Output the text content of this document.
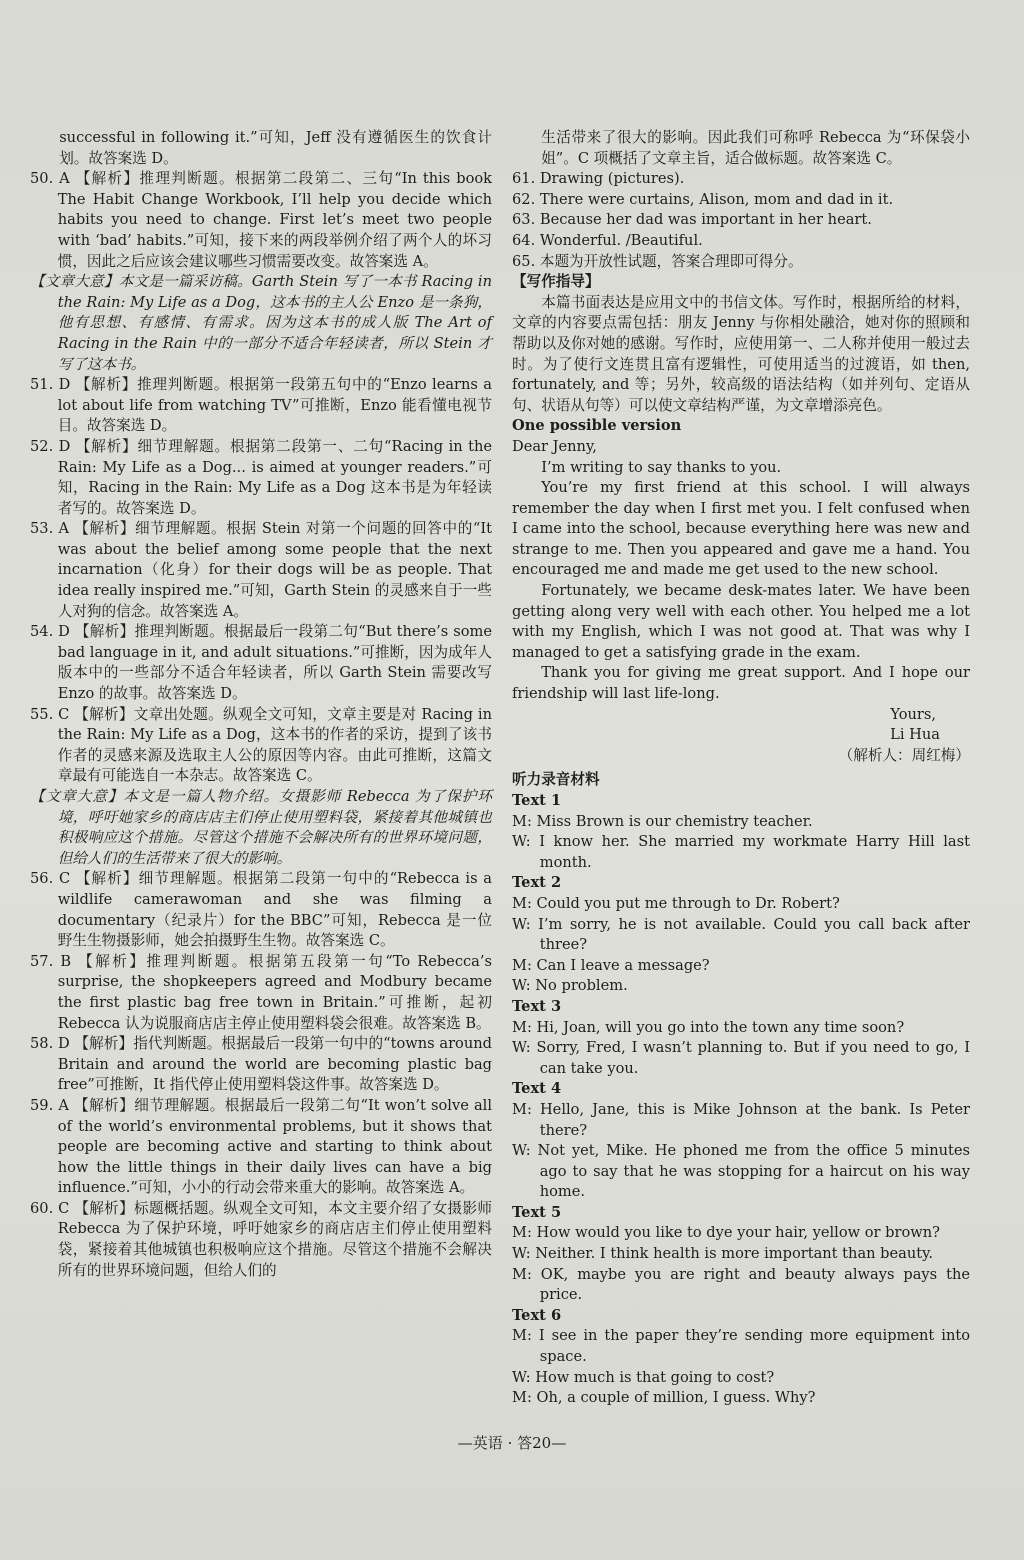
successful in following it.”可知，Jeff 没有遵循医生的饮食计划。故答案选 D。
50. A 【解析】推理判断题。根据第二段第二、三句“In this book The Habit Change Workbook, I’ll help you decide which habits you need to change. First let’s meet two people with ‘bad’ habits.”可知，接下来的两段举例介绍了两个人的坏习惯，因此之后应该会建议哪些习惯需要改变。故答案选 A。
【文章大意】本文是一篇采访稿。Garth Stein 写了一本书 Racing in the Rain: My Life as a Dog，这本书的主人公 Enzo 是一条狗，他有思想、有感情、有需求。因为这本书的成人版 The Art of Racing in the Rain 中的一部分不适合年轻读者，所以 Stein 才写了这本书。
51. D 【解析】推理判断题。根据第一段第五句中的“Enzo learns a lot about life from watching TV”可推断，Enzo 能看懂电视节目。故答案选 D。
52. D 【解析】细节理解题。根据第二段第一、二句“Racing in the Rain: My Life as a Dog... is aimed at younger readers.”可知，Racing in the Rain: My Life as a Dog 这本书是为年轻读者写的。故答案选 D。
53. A 【解析】细节理解题。根据 Stein 对第一个问题的回答中的“It was about the belief among some people that the next incarnation（化身）for their dogs will be as people. That idea really inspired me.”可知，Garth Stein 的灵感来自于一些人对狗的信念。故答案选 A。
54. D 【解析】推理判断题。根据最后一段第二句“But there’s some bad language in it, and adult situations.”可推断，因为成年人版本中的一些部分不适合年轻读者，所以 Garth Stein 需要改写 Enzo 的故事。故答案选 D。
55. C 【解析】文章出处题。纵观全文可知，文章主要是对 Racing in the Rain: My Life as a Dog，这本书的作者的采访，提到了该书作者的灵感来源及选取主人公的原因等内容。由此可推断，这篇文章最有可能选自一本杂志。故答案选 C。
【文章大意】本文是一篇人物介绍。女摄影师 Rebecca 为了保护环境，呼吁她家乡的商店店主们停止使用塑料袋，紧接着其他城镇也积极响应这个措施。尽管这个措施不会解决所有的世界环境问题，但给人们的生活带来了很大的影响。
56. C 【解析】细节理解题。根据第二段第一句中的“Rebecca is a wildlife camerawoman and she was filming a documentary（纪录片）for the BBC”可知，Rebecca 是一位野生生物摄影师，她会拍摄野生生物。故答案选 C。
57. B 【解析】推理判断题。根据第五段第一句“To Rebecca’s surprise, the shopkeepers agreed and Modbury became the first plastic bag free town in Britain.”可推断，起初 Rebecca 认为说服商店店主停止使用塑料袋会很难。故答案选 B。
58. D 【解析】指代判断题。根据最后一段第一句中的“towns around Britain and around the world are becoming plastic bag free”可推断，It 指代停止使用塑料袋这件事。故答案选 D。
59. A 【解析】细节理解题。根据最后一段第二句“It won’t solve all of the world’s environmental problems, but it shows that people are becoming active and starting to think about how the little things in their daily lives can have a big influence.”可知，小小的行动会带来重大的影响。故答案选 A。
60. C 【解析】标题概括题。纵观全文可知，本文主要介绍了女摄影师 Rebecca 为了保护环境，呼吁她家乡的商店店主们停止使用塑料袋，紧接着其他城镇也积极响应这个措施。尽管这个措施不会解决所有的世界环境问题，但给人们的
生活带来了很大的影响。因此我们可称呼 Rebecca 为“环保袋小姐”。C 项概括了文章主旨，适合做标题。故答案选 C。
61. Drawing (pictures).
62. There were curtains, Alison, mom and dad in it.
63. Because her dad was important in her heart.
64. Wonderful. /Beautiful.
65. 本题为开放性试题，答案合理即可得分。
【写作指导】
本篇书面表达是应用文中的书信文体。写作时，根据所给的材料，文章的内容要点需包括：朋友 Jenny 与你相处融洽，她对你的照顾和帮助以及你对她的感谢。写作时，应使用第一、二人称并使用一般过去时。为了使行文连贯且富有逻辑性，可使用适当的过渡语，如 then, fortunately, and 等；另外，较高级的语法结构（如并列句、定语从句、状语从句等）可以使文章结构严谨，为文章增添亮色。
One possible version
Dear Jenny,

I’m writing to say thanks to you.

You’re my first friend at this school. I will always remember the day when I first met you. I felt confused when I came into the school, because everything here was new and strange to me. Then you appeared and gave me a hand. You encouraged me and made me get used to the new school.

Fortunately, we became desk-mates later. We have been getting along very well with each other. You helped me a lot with my English, which I was not good at. That was why I managed to get a satisfying grade in the exam.

Thank you for giving me great support. And I hope our friendship will last life-long.

Yours,
Li Hua
（解析人：周红梅）
听力录音材料
Text 1
M: Miss Brown is our chemistry teacher.
W: I know her. She married my workmate Harry Hill last month.
Text 2
M: Could you put me through to Dr. Robert?
W: I’m sorry, he is not available. Could you call back after three?
M: Can I leave a message?
W: No problem.
Text 3
M: Hi, Joan, will you go into the town any time soon?
W: Sorry, Fred, I wasn’t planning to. But if you need to go, I can take you.
Text 4
M: Hello, Jane, this is Mike Johnson at the bank. Is Peter there?
W: Not yet, Mike. He phoned me from the office 5 minutes ago to say that he was stopping for a haircut on his way home.
Text 5
M: How would you like to dye your hair, yellow or brown?
W: Neither. I think health is more important than beauty.
M: OK, maybe you are right and beauty always pays the price.
Text 6
M: I see in the paper they’re sending more equipment into space.
W: How much is that going to cost?
M: Oh, a couple of million, I guess. Why?
—英语 · 答20—
